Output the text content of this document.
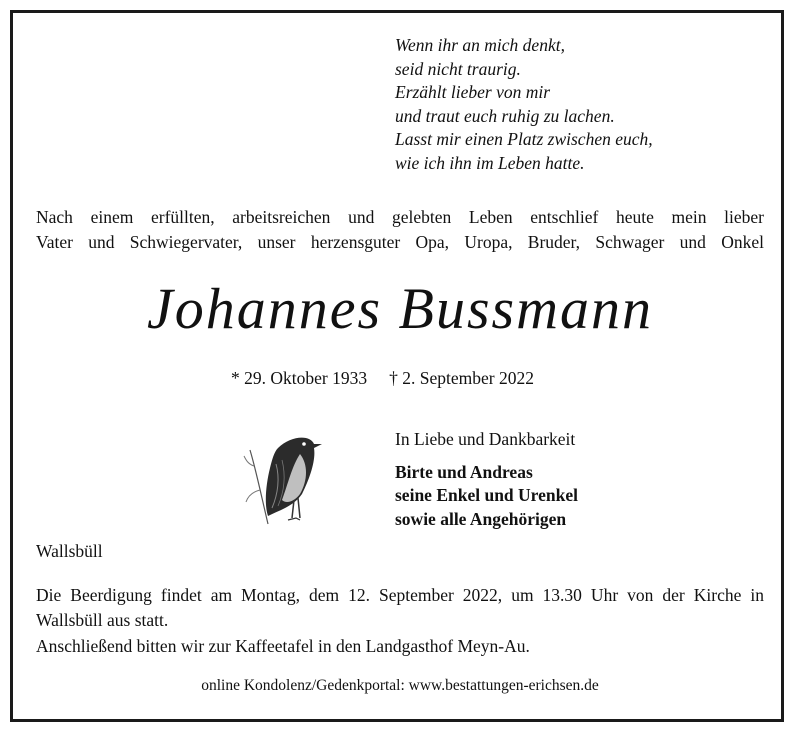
Wenn ihr an mich denkt,
seid nicht traurig.
Erzählt lieber von mir
und traut euch ruhig zu lachen.
Lasst mir einen Platz zwischen euch,
wie ich ihn im Leben hatte.
Nach einem erfüllten, arbeitsreichen und gelebten Leben entschlief heute mein lieber
Vater und Schwiegervater, unser herzensguter Opa, Uropa, Bruder, Schwager und Onkel
Johannes Bussmann
* 29. Oktober 1933 † 2. September 2022
In Liebe und Dankbarkeit
Birte und Andreas
seine Enkel und Urenkel
sowie alle Angehörigen
Wallsbüll
Die Beerdigung findet am Montag, dem 12. September 2022, um 13.30 Uhr von der Kirche in Wallsbüll aus statt.
Anschließend bitten wir zur Kaffeetafel in den Landgasthof Meyn-Au.
online Kondolenz/Gedenkportal: www.bestattungen-erichsen.de
